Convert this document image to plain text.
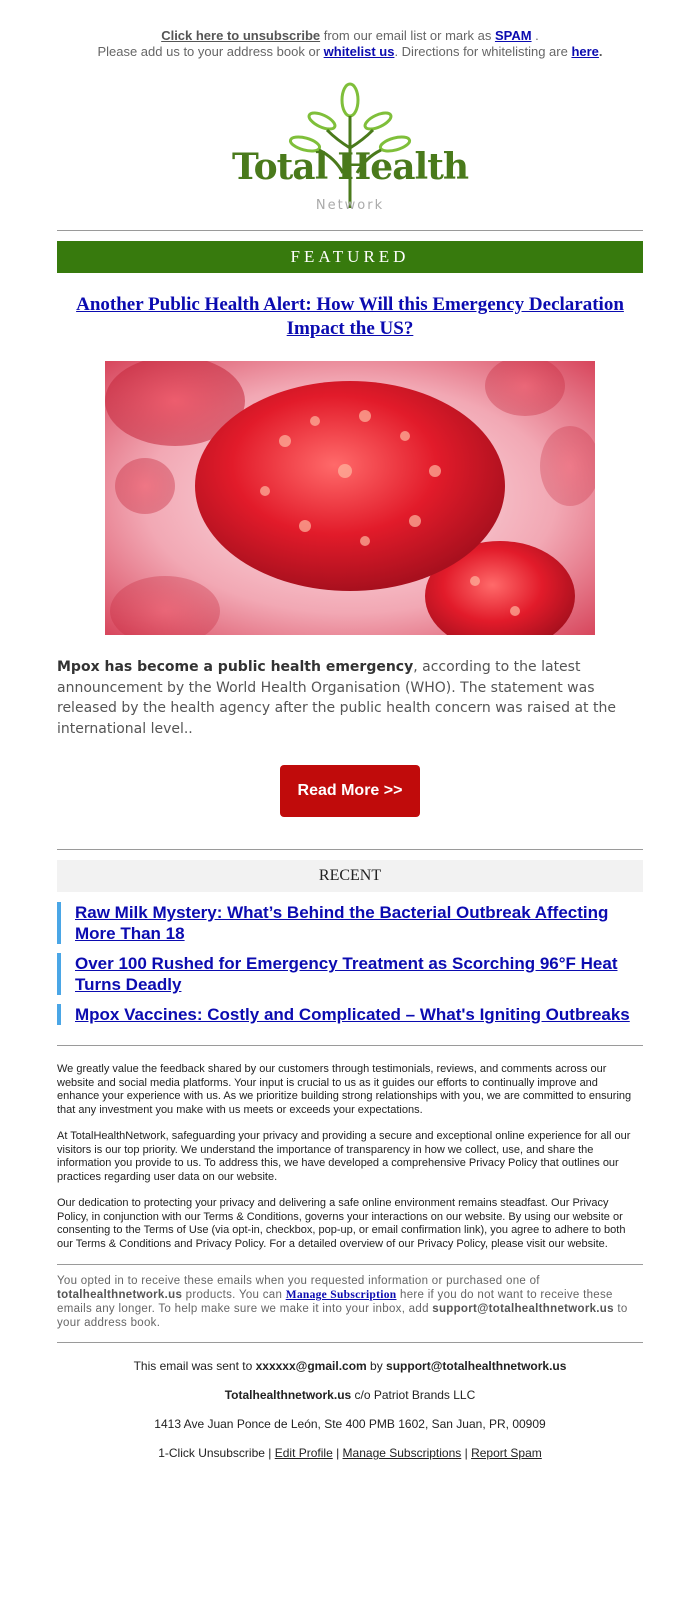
Click here to unsubscribe from our email list or mark as SPAM .
Please add us to your address book or whitelist us. Directions for whitelisting are here.
Total Health
Network
FEATURED
Another Public Health Alert: How Will this Emergency Declaration Impact the US?
Mpox has become a public health emergency, according to the latest announcement by the World Health Organisation (WHO). The statement was released by the health agency after the public health concern was raised at the international level..
Read More >>
RECENT
Raw Milk Mystery: What’s Behind the Bacterial Outbreak Affecting More Than 18
Over 100 Rushed for Emergency Treatment as Scorching 96°F Heat Turns Deadly
Mpox Vaccines: Costly and Complicated – What's Igniting Outbreaks

We greatly value the feedback shared by our customers through testimonials, reviews, and comments across our website and social media platforms. Your input is crucial to us as it guides our efforts to continually improve and enhance your experience with us. As we prioritize building strong relationships with you, we are committed to ensuring that any investment you make with us meets or exceeds your expectations.

At TotalHealthNetwork, safeguarding your privacy and providing a secure and exceptional online experience for all our visitors is our top priority. We understand the importance of transparency in how we collect, use, and share the information you provide to us. To address this, we have developed a comprehensive Privacy Policy that outlines our practices regarding user data on our website.

Our dedication to protecting your privacy and delivering a safe online environment remains steadfast. Our Privacy Policy, in conjunction with our Terms & Conditions, governs your interactions on our website. By using our website or consenting to the Terms of Use (via opt-in, checkbox, pop-up, or email confirmation link), you agree to adhere to both our Terms & Conditions and Privacy Policy. For a detailed overview of our Privacy Policy, please visit our website.

You opted in to receive these emails when you requested information or purchased one of totalhealthnetwork.us products. You can Manage Subscription here if you do not want to receive these emails any longer. To help make sure we make it into your inbox, add support@totalhealthnetwork.us to your address book.

This email was sent to xxxxxx@gmail.com by support@totalhealthnetwork.us

Totalhealthnetwork.us c/o Patriot Brands LLC

1413 Ave Juan Ponce de León, Ste 400 PMB 1602, San Juan, PR, 00909

1-Click Unsubscribe | Edit Profile | Manage Subscriptions | Report Spam
